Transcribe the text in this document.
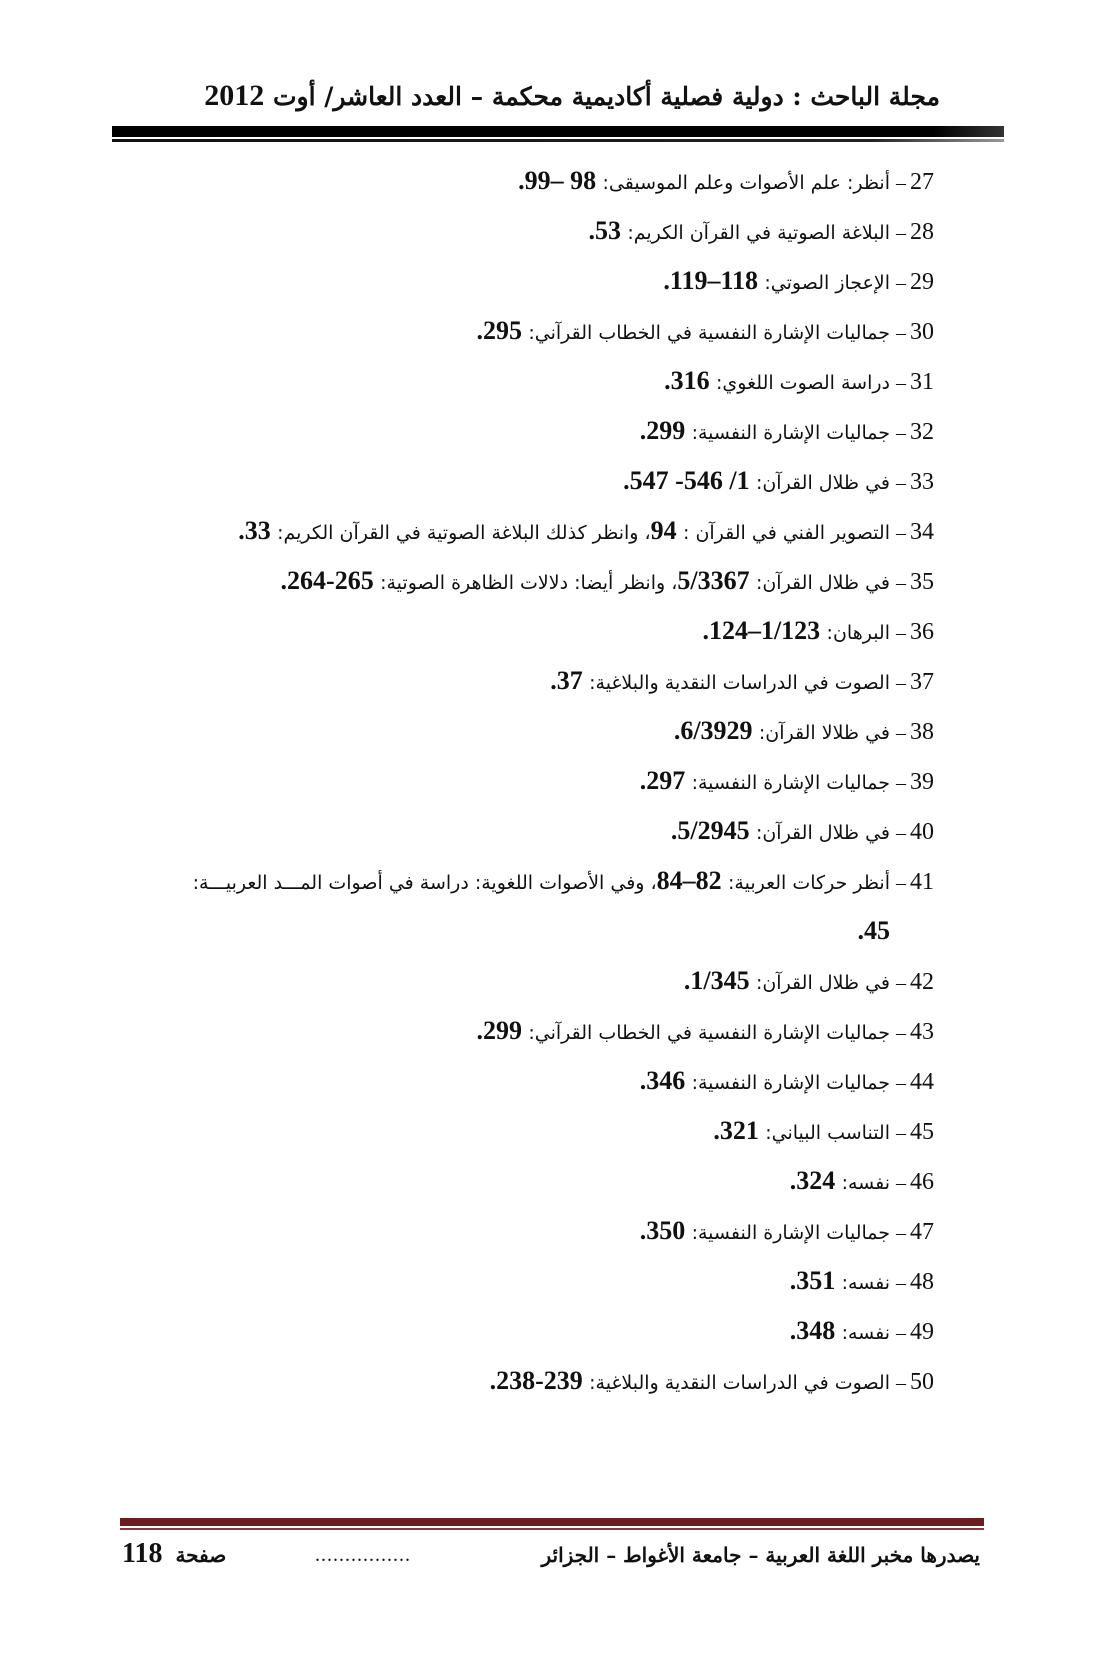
مجلة الباحث : دولية فصلية أكاديمية محكمة – العدد العاشر/ أوت 2012
27–أنظر: علم الأصوات وعلم الموسيقى: 98 –99.
28–البلاغة الصوتية في القرآن الكريم: 53.
29–الإعجاز الصوتي: 118–119.
30–جماليات الإشارة النفسية في الخطاب القرآني: 295.
31–دراسة الصوت اللغوي: 316.
32–جماليات الإشارة النفسية: 299.
33–في ظلال القرآن: 1/ 546- 547.
34–التصوير الفني في القرآن : 94، وانظر كذلك البلاغة الصوتية في القرآن الكريم: 33.
35–في ظلال القرآن: 5/3367، وانظر أيضا: دلالات الظاهرة الصوتية: 264-265.
36–البرهان: 1/123–124.
37–الصوت في الدراسات النقدية والبلاغية: 37.
38–في ظلالا القرآن: 6/3929.
39–جماليات الإشارة النفسية: 297.
40–في ظلال القرآن: 5/2945.
41–أنظر حركات العربية: 82–84، وفي الأصوات اللغوية: دراسة في أصوات المـــد العربيـــة:
45.
42–في ظلال القرآن: 1/345.
43–جماليات الإشارة النفسية في الخطاب القرآني: 299.
44–جماليات الإشارة النفسية: 346.
45–التناسب البياني: 321.
46–نفسه: 324.
47–جماليات الإشارة النفسية: 350.
48–نفسه: 351.
49–نفسه: 348.
50–الصوت في الدراسات النقدية والبلاغية: 238-239.
يصدرها مخبر اللغة العربية – جامعة الأغواط – الجزائر
................
صفحة 118
